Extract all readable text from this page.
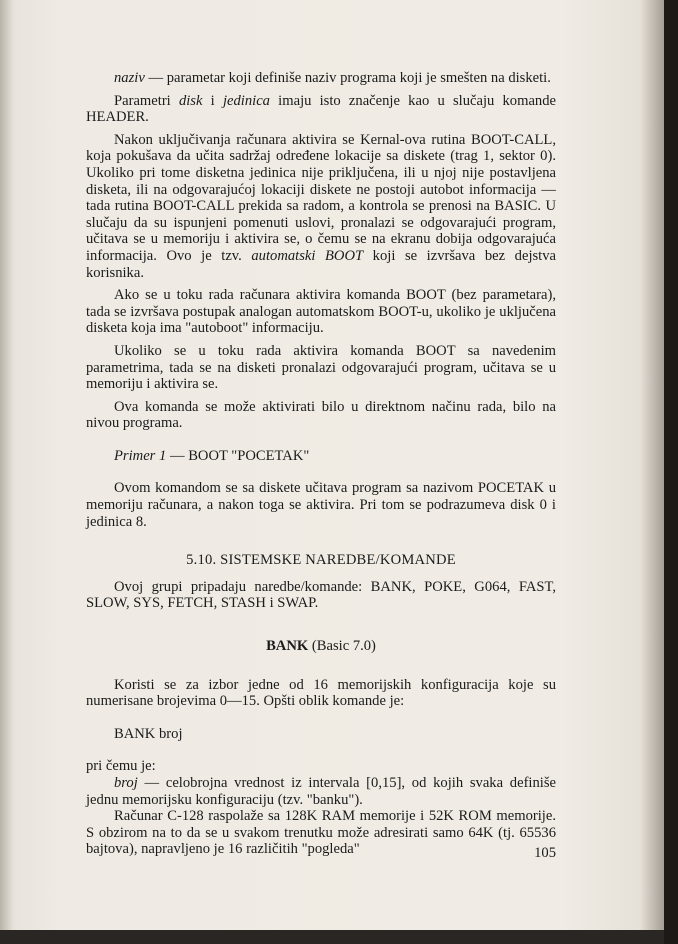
naziv — parametar koji definiše naziv programa koji je smešten na disketi.

Parametri disk i jedinica imaju isto značenje kao u slučaju komande HEADER.

Nakon uključivanja računara aktivira se Kernal-ova rutina BOOT-CALL, koja pokušava da učita sadržaj određene lokacije sa diskete (trag 1, sektor 0). Ukoliko pri tome disketna jedinica nije priključena, ili u njoj nije postavljena disketa, ili na odgovarajućoj lokaciji diskete ne postoji autobot informacija — tada rutina BOOT-CALL prekida sa radom, a kontrola se prenosi na BASIC. U slučaju da su ispunjeni pomenuti uslovi, pronalazi se odgovarajući program, učitava se u memoriju i aktivira se, o čemu se na ekranu dobija odgovarajuća informacija. Ovo je tzv. automatski BOOT koji se izvršava bez dejstva korisnika.

Ako se u toku rada računara aktivira komanda BOOT (bez parametara), tada se izvršava postupak analogan automatskom BOOT-u, ukoliko je uključena disketa koja ima "autoboot" informaciju.

Ukoliko se u toku rada aktivira komanda BOOT sa navedenim parametrima, tada se na disketi pronalazi odgovarajući program, učitava se u memoriju i aktivira se.

Ova komanda se može aktivirati bilo u direktnom načinu rada, bilo na nivou programa.

Primer 1 — BOOT "POCETAK"

Ovom komandom se sa diskete učitava program sa nazivom POCETAK u memoriju računara, a nakon toga se aktivira. Pri tom se podrazumeva disk 0 i jedinica 8.

5.10. SISTEMSKE NAREDBE/KOMANDE

Ovoj grupi pripadaju naredbe/komande: BANK, POKE, G064, FAST, SLOW, SYS, FETCH, STASH i SWAP.

BANK (Basic 7.0)

Koristi se za izbor jedne od 16 memorijskih konfiguracija koje su numerisane brojevima 0—15. Opšti oblik komande je:

BANK broj

pri čemu je:

broj — celobrojna vrednost iz intervala [0,15], od kojih svaka definiše jednu memorijsku konfiguraciju (tzv. "banku").

Računar C-128 raspolaže sa 128K RAM memorije i 52K ROM memorije. S obzirom na to da se u svakom trenutku može adresirati samo 64K (tj. 65536 bajtova), napravljeno je 16 različitih "pogleda"	105
